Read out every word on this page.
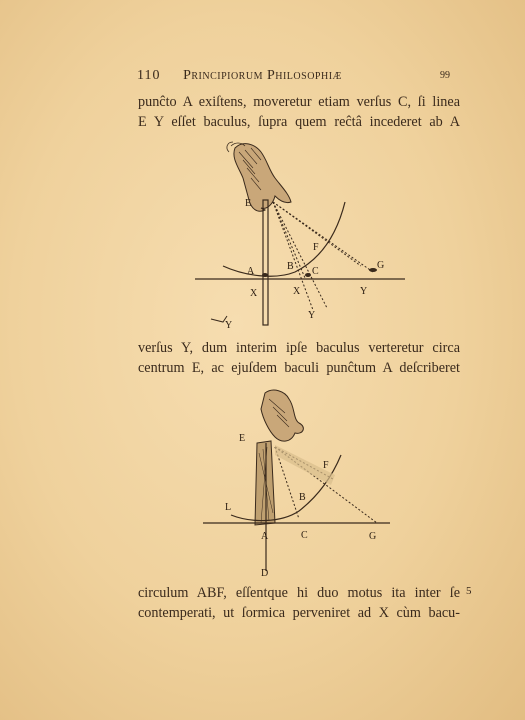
110	Principiorum Philosophiæ	99
punĉto A exiſtens, moveretur etiam verſus C, ſi linea
E Y eſſet baculus, ſupra quem reĉtâ incederet ab A
E
F
G
A	B C
X	X	Y
Y
Y
verſus Y, dum interim ipſe baculus verteretur circa
centrum E, ac ejuſdem baculi punĉtum A deſcriberet
E
F
L
B
A	C	G
D
circulum ABF, eſſentque hi duo motus ita inter ſe
contemperati, ut ſormica perveniret ad X cùm bacu-
5
